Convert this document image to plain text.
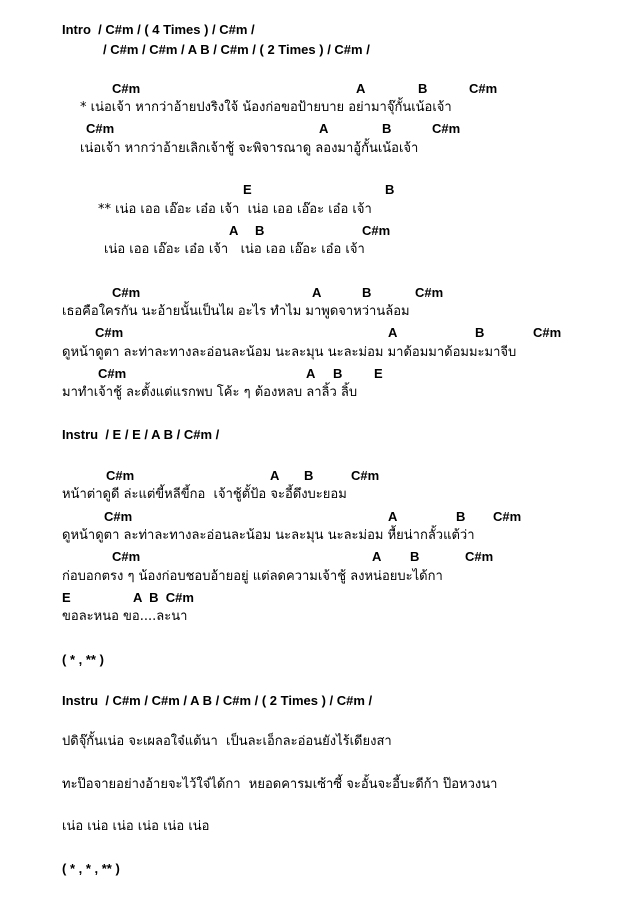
Intro  / C#m / ( 4 Times ) / C#m /
/ C#m / C#m / A B / C#m / ( 2 Times ) / C#m /
C#m	A	B	C#m
* เน่อเจ้า หากว่าอ้ายปงริงใจ้ น้องก่อขอป้ายบาย อย่ามาจุ๊กั้นเน้อเจ้า
C#m	A	B	C#m
เน่อเจ้า หากว่าอ้ายเลิกเจ้าชู้ จะพิจารณาดู ลองมาอู้กั้นเน้อเจ้า
E	B
** เน่อ เออ เอ๊อะ เอ๋อ เจ้า  เน่อ เออ เอ๊อะ เอ๋อ เจ้า
A B	C#m
เน่อ เออ เอ๊อะ เอ๋อ เจ้า   เน่อ เออ เอ๊อะ เอ๋อ เจ้า
C#m	A	B	C#m
เธอคือใครกัน นะอ้ายนั้นเป็นไผ อะไร ทำไม มาพูดจาหว่านล้อม
C#m	A	B	C#m
ดูหน้าดูตา ละท่าละทางละอ่อนละน้อม นะละมุน นะละม่อม มาด้อมมาด้อมมะมาจีบ
C#m	A B E
มาทำเจ้าชู้ ละตั้งแต่แรกพบ โค้ะ ๆ ต้องหลบ ลาลิ้ว ลิ้บ
Instru  / E / E / A B / C#m /
C#m	A B	C#m
หน้าต่าดูดี ล่ะแต่ขี้หลีขี้กอ  เจ้าชู้ตั้ป้อ จะอี้ดึงบะยอม
C#m	A	B C#m
ดูหน้าดูตา ละท่าละทางละอ่อนละน้อม นะละมุน นะละม่อม หื้ยน่ากลั้วแต้ว่า
C#m	A B	C#m
ก่อบอกตรง ๆ น้องก่อบชอบอ้ายอยู่ แต่ลดความเจ้าชู้ ลงหน่อยบะได้กา
E	A  B  C#m
ขอละหนอ ขอ....ละนา
( * , ** )
Instru  / C#m / C#m / A B / C#m / ( 2 Times ) / C#m /
ปดิจุ๊กั้นเน่อ จะเผลอใจ๋แต้นา  เป็นละเอ็กละอ่อนยังไร้เดียงสา
ทะป๊อจายอย่างอ้ายจะไว้ใจ๋ได้กา  หยอดคารมเซ้าซี้ จะอั้นจะอี้บะดีก้า ป๊อหวงนา
เน่อ เน่อ เน่อ เน่อ เน่อ เน่อ
( * , * , ** )
